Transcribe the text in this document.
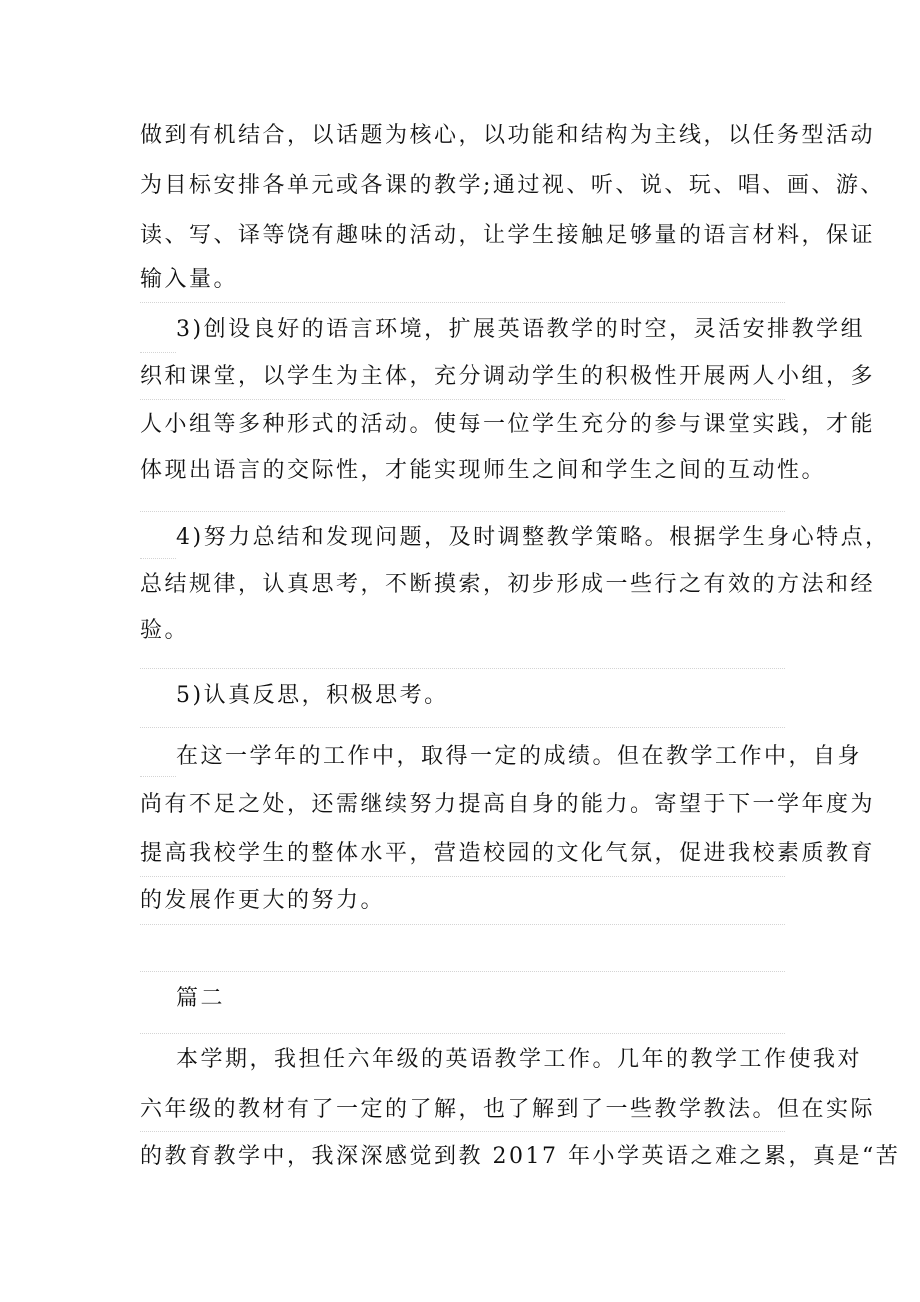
做到有机结合，以话题为核心，以功能和结构为主线，以任务型活动
为目标安排各单元或各课的教学;通过视、听、说、玩、唱、画、游、
读、写、译等饶有趣味的活动，让学生接触足够量的语言材料，保证
输入量。
3)创设良好的语言环境，扩展英语教学的时空，灵活安排教学组
织和课堂，以学生为主体，充分调动学生的积极性开展两人小组，多
人小组等多种形式的活动。使每一位学生充分的参与课堂实践，才能
体现出语言的交际性，才能实现师生之间和学生之间的互动性。
4)努力总结和发现问题，及时调整教学策略。根据学生身心特点，
总结规律，认真思考，不断摸索，初步形成一些行之有效的方法和经
验。
5)认真反思，积极思考。
在这一学年的工作中，取得一定的成绩。但在教学工作中，自身
尚有不足之处，还需继续努力提高自身的能力。寄望于下一学年度为
提高我校学生的整体水平，营造校园的文化气氛，促进我校素质教育
的发展作更大的努力。
篇二
本学期，我担任六年级的英语教学工作。几年的教学工作使我对
六年级的教材有了一定的了解，也了解到了一些教学教法。但在实际
的教育教学中，我深深感觉到教 2017 年小学英语之难之累，真是“苦
